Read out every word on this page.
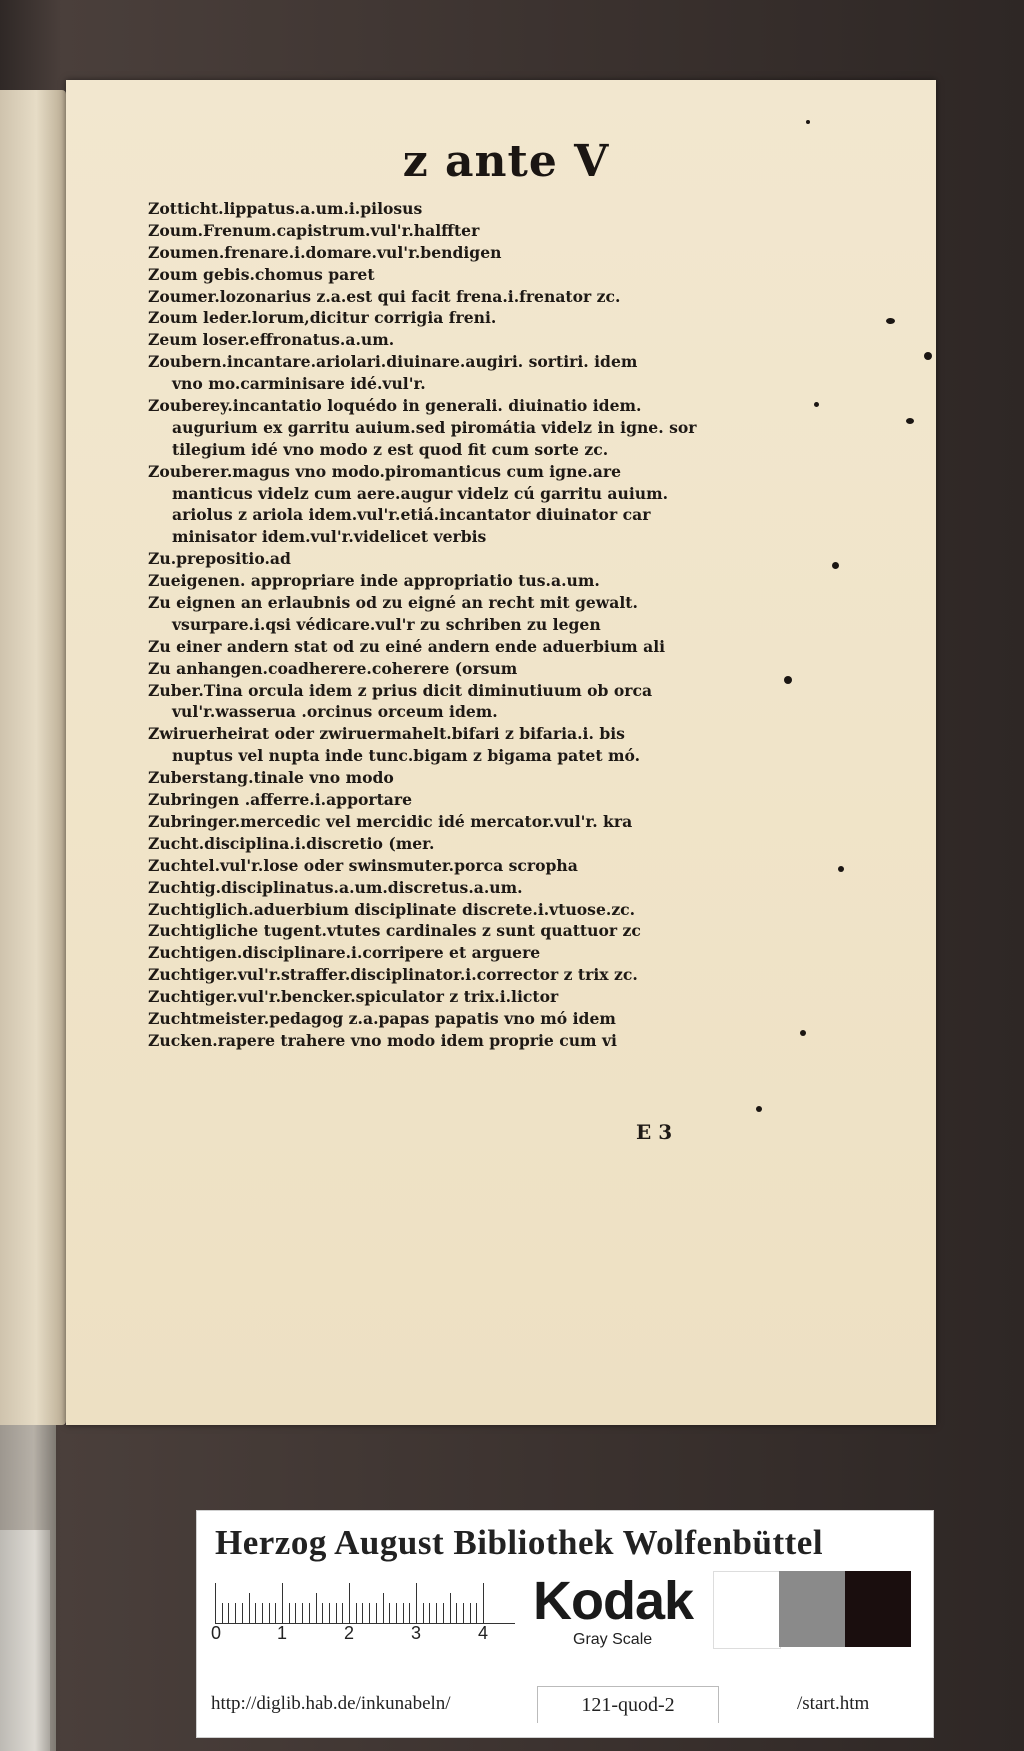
z ante V
Zotticht.lippatus.a.um.i.pilosus
Zoum.Frenum.capistrum.vul'r.halffter
Zoumen.frenare.i.domare.vul'r.bendigen
Zoum gebis.chomus paret
Zoumer.lozonarius z.a.est qui facit frena.i.frenator zc.
Zoum leder.lorum,dicitur corrigia freni.
Zeum loser.effronatus.a.um.
Zoubern.incantare.ariolari.diuinare.augiri. sortiri. idem
vno mo.carminisare idé.vul'r.
Zouberey.incantatio loquédo in generali. diuinatio idem.
augurium ex garritu auium.sed piromátia videlz in igne. sor
tilegium idé vno modo z est quod fit cum sorte zc.
Zouberer.magus vno modo.piromanticus cum igne.are
manticus videlz cum aere.augur videlz cú garritu auium.
ariolus z ariola idem.vul'r.etiá.incantator diuinator car
minisator idem.vul'r.videlicet verbis
Zu.prepositio.ad
Zueigenen. appropriare inde appropriatio tus.a.um.
Zu eignen an erlaubnis od zu eigné an recht mit gewalt.
vsurpare.i.qsi védicare.vul'r zu schriben zu legen
Zu einer andern stat od zu einé andern ende aduerbium ali
Zu anhangen.coadherere.coherere (orsum
Zuber.Tina orcula idem z prius dicit diminutiuum ob orca
vul'r.wasserua .orcinus orceum idem.
Zwiruerheirat oder zwiruermahelt.bifari z bifaria.i. bis
nuptus vel nupta inde tunc.bigam z bigama patet mó.
Zuberstang.tinale vno modo
Zubringen .afferre.i.apportare
Zubringer.mercedic vel mercidic idé mercator.vul'r. kra
Zucht.disciplina.i.discretio (mer.
Zuchtel.vul'r.lose oder swinsmuter.porca scropha
Zuchtig.disciplinatus.a.um.discretus.a.um.
Zuchtiglich.aduerbium disciplinate discrete.i.vtuose.zc.
Zuchtigliche tugent.vtutes cardinales z sunt quattuor zc
Zuchtigen.disciplinare.i.corripere et arguere
Zuchtiger.vul'r.straffer.disciplinator.i.corrector z trix zc.
Zuchtiger.vul'r.bencker.spiculator z trix.i.lictor
Zuchtmeister.pedagog z.a.papas papatis vno mó idem
Zucken.rapere trahere vno modo idem proprie cum vi
E 3
Herzog August Bibliothek Wolfenbüttel
0	1	2	3	4
Kodak
Gray Scale
http://diglib.hab.de/inkunabeln/	121-quod-2	/start.htm
